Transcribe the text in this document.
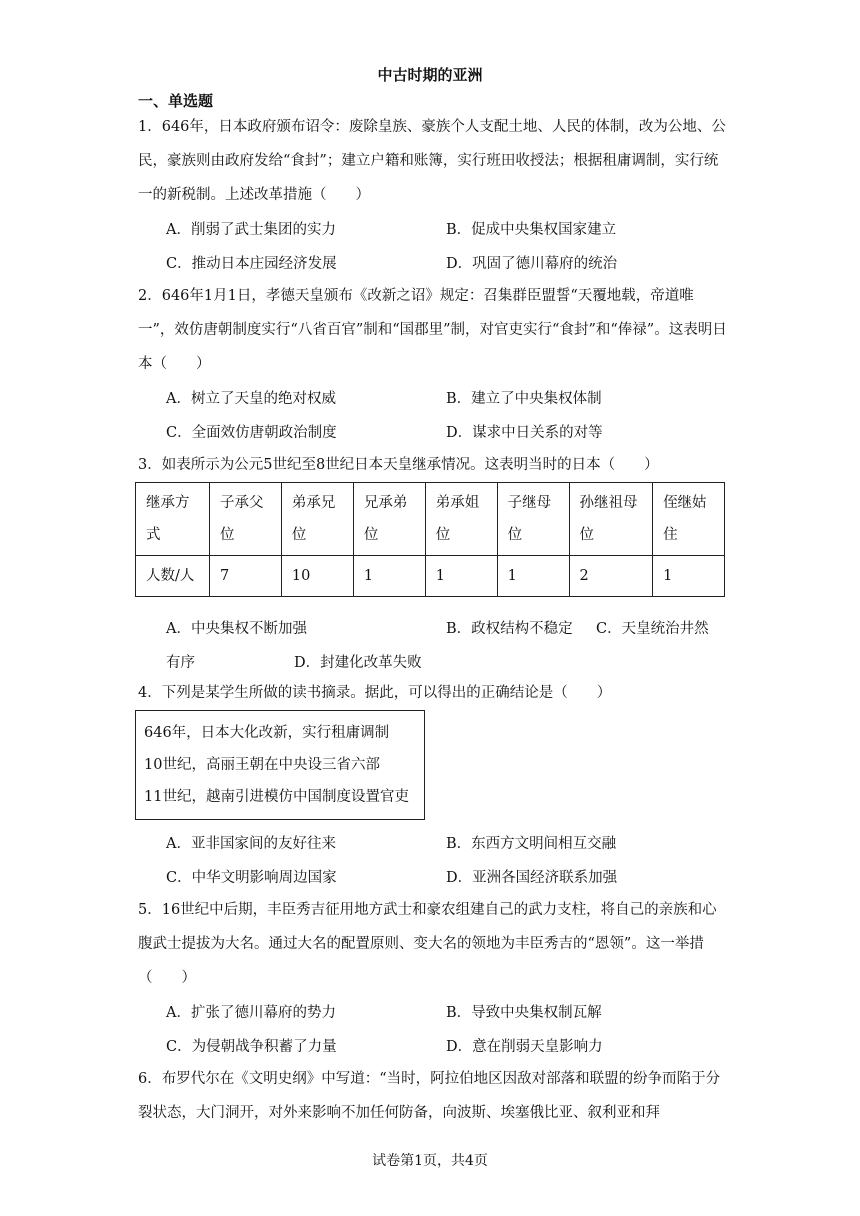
中古时期的亚洲
一、单选题
1．646年，日本政府颁布诏令：废除皇族、豪族个人支配土地、人民的体制，改为公地、公民，豪族则由政府发给“食封”；建立户籍和账簿，实行班田收授法；根据租庸调制，实行统一的新税制。上述改革措施（　　）
A．削弱了武士集团的实力	B．促成中央集权国家建立
C．推动日本庄园经济发展	D．巩固了德川幕府的统治
2．646年1月1日，孝德天皇颁布《改新之诏》规定：召集群臣盟誓“天覆地载，帝道唯一”，效仿唐朝制度实行“八省百官”制和“国郡里”制，对官吏实行“食封”和“俸禄”。这表明日本（　　）
A．树立了天皇的绝对权威	B．建立了中央集权体制
C．全面效仿唐朝政治制度	D．谋求中日关系的对等
3．如表所示为公元5世纪至8世纪日本天皇继承情况。这表明当时的日本（　　）
继承方式	子承父位	弟承兄位	兄承弟位	弟承姐位	子继母位	孙继祖母位	侄继姑住
人数/人	7	10	1	1	1	2	1
A．中央集权不断加强	B．政权结构不稳定 C．天皇统治井然
有序	D．封建化改革失败
4．下列是某学生所做的读书摘录。据此，可以得出的正确结论是（　　）
646年，日本大化改新，实行租庸调制
10世纪，高丽王朝在中央设三省六部
11世纪，越南引进模仿中国制度设置官吏
A．亚非国家间的友好往来	B．东西方文明间相互交融
C．中华文明影响周边国家	D．亚洲各国经济联系加强
5．16世纪中后期，丰臣秀吉征用地方武士和豪农组建自己的武力支柱，将自己的亲族和心腹武士提拔为大名。通过大名的配置原则、变大名的领地为丰臣秀吉的“恩领”。这一举措（　　）
A．扩张了德川幕府的势力	B．导致中央集权制瓦解
C．为侵朝战争积蓄了力量	D．意在削弱天皇影响力
6．布罗代尔在《文明史纲》中写道：“当时，阿拉伯地区因敌对部落和联盟的纷争而陷于分裂状态，大门洞开，对外来影响不加任何防备，向波斯、埃塞俄比亚、叙利亚和拜
试卷第1页，共4页
